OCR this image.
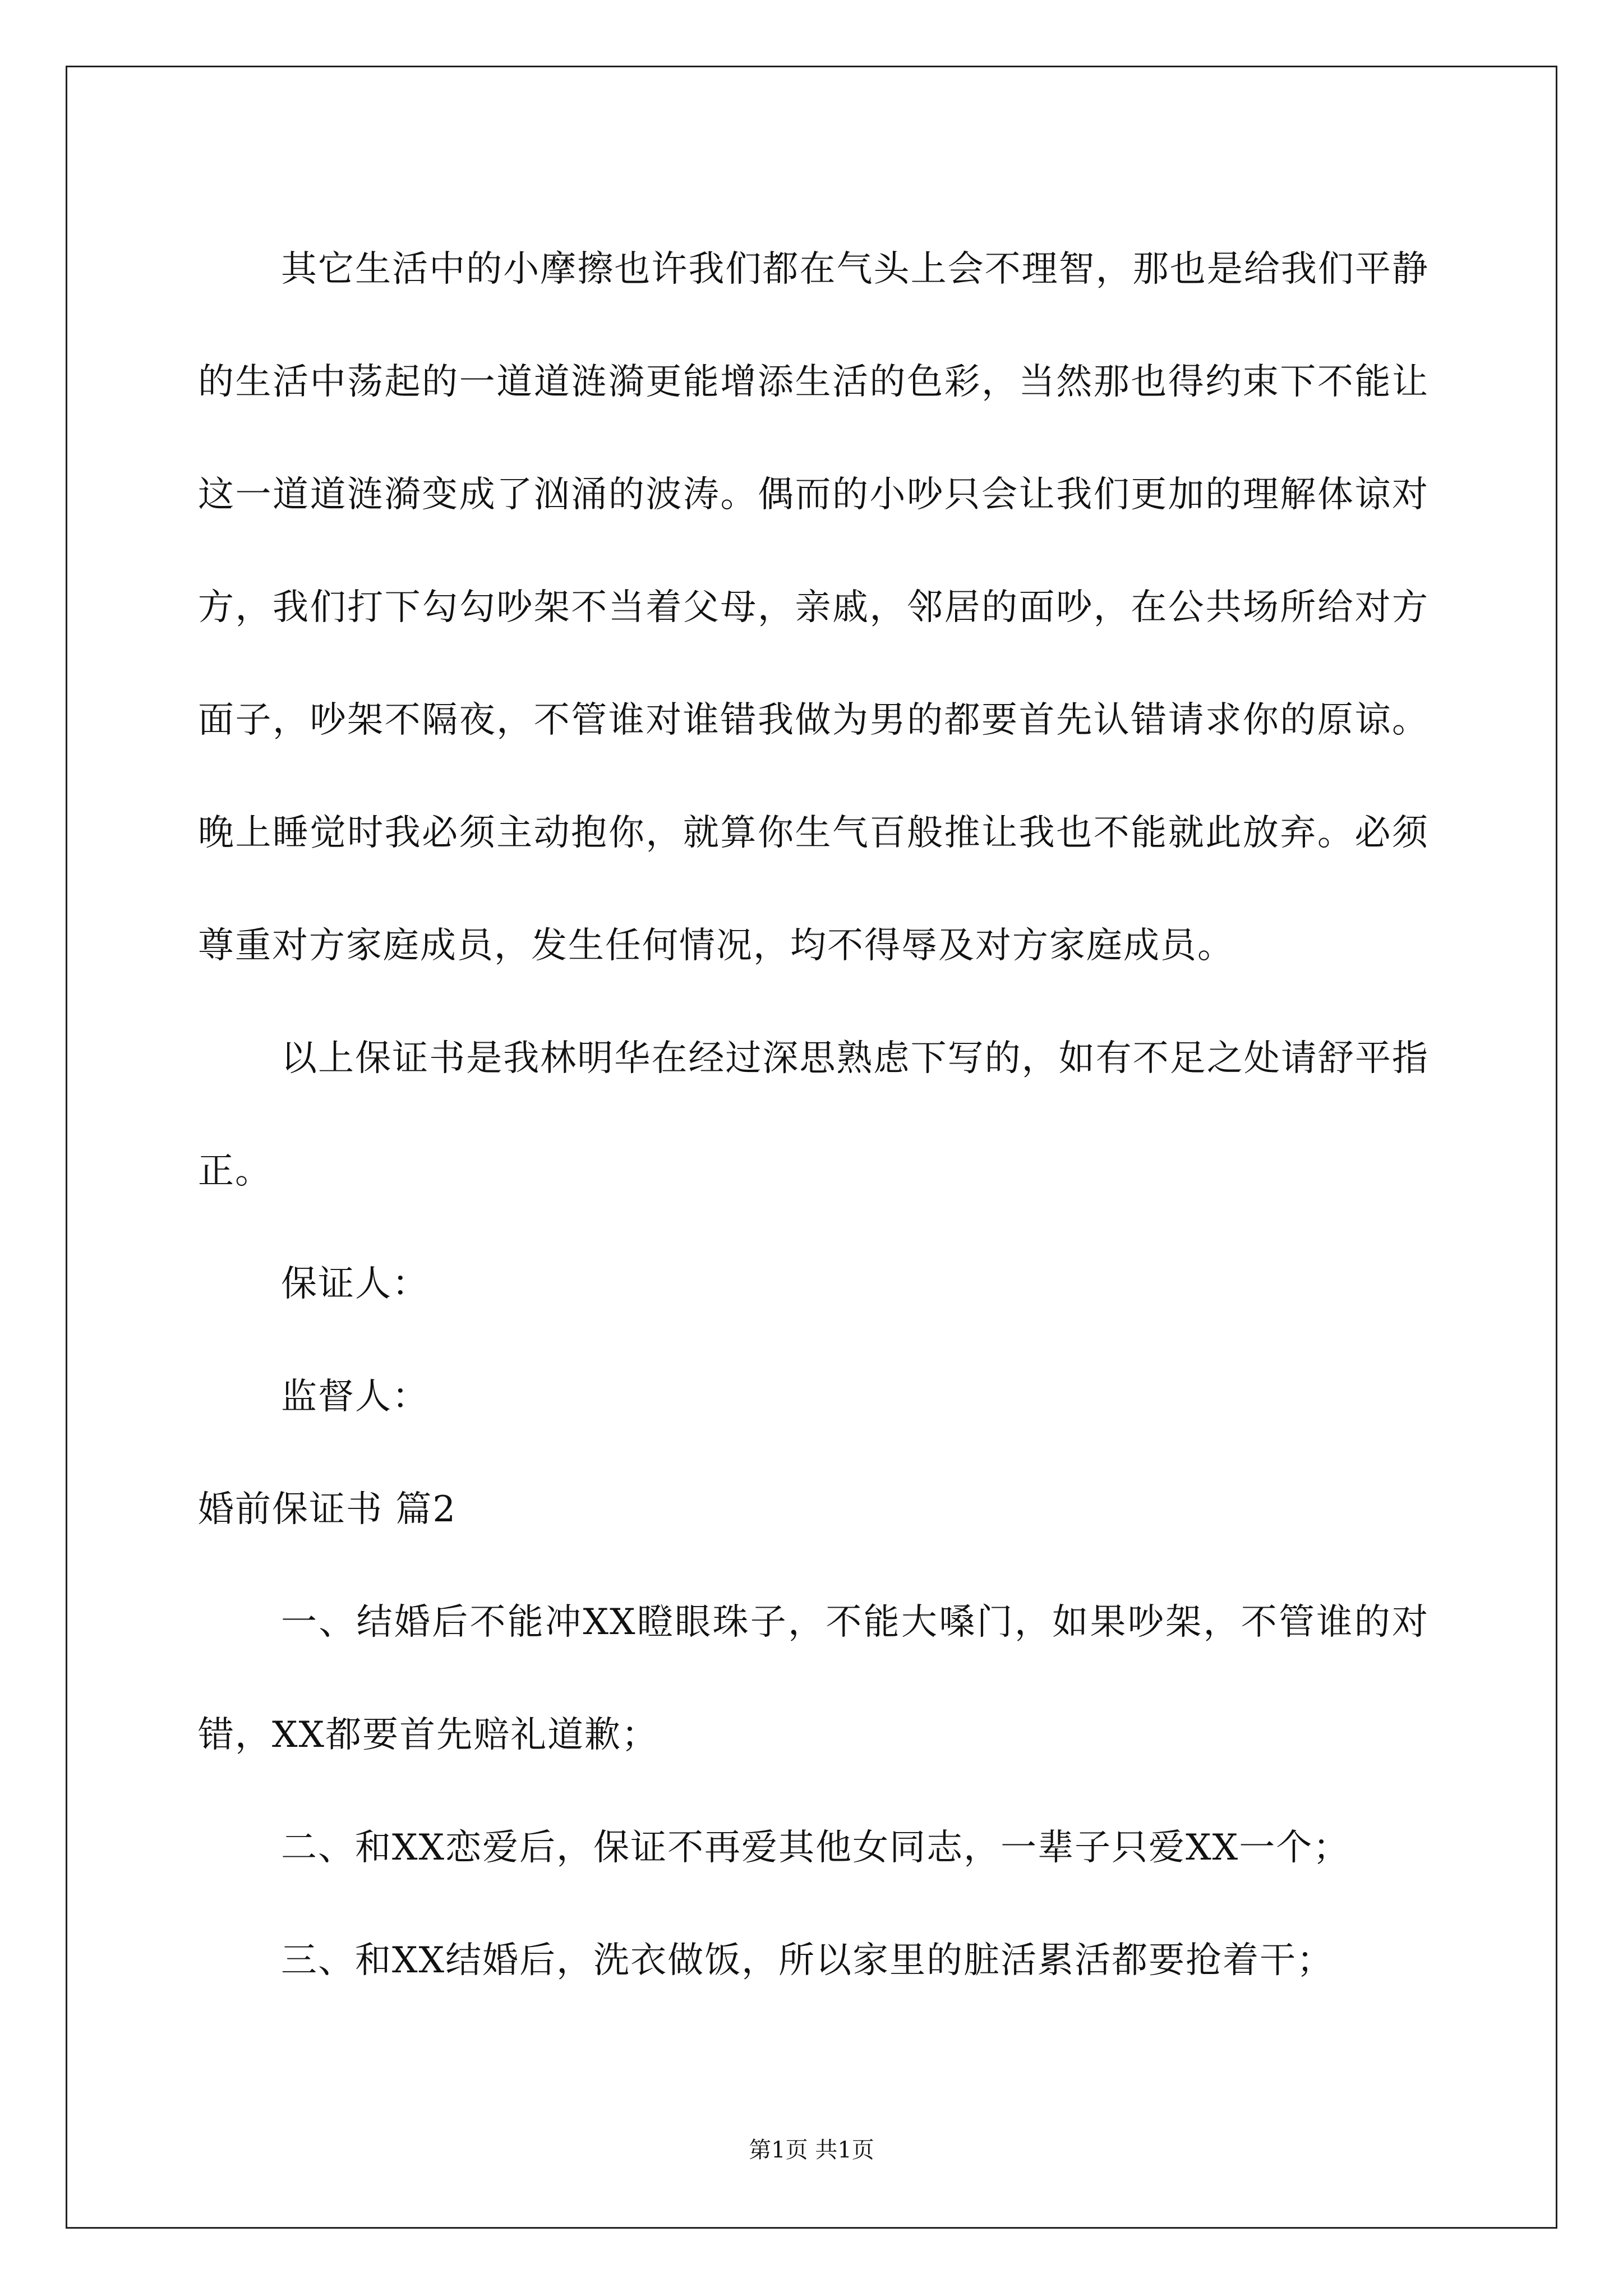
其它生活中的小摩擦也许我们都在气头上会不理智，那也是给我们平静的生活中荡起的一道道涟漪更能增添生活的色彩，当然那也得约束下不能让这一道道涟漪变成了汹涌的波涛。偶而的小吵只会让我们更加的理解体谅对方，我们打下勾勾吵架不当着父母，亲戚，邻居的面吵，在公共场所给对方面子，吵架不隔夜，不管谁对谁错我做为男的都要首先认错请求你的原谅。晚上睡觉时我必须主动抱你，就算你生气百般推让我也不能就此放弃。必须尊重对方家庭成员，发生任何情况，均不得辱及对方家庭成员。

以上保证书是我林明华在经过深思熟虑下写的，如有不足之处请舒平指正。

保证人：

监督人：

婚前保证书 篇2

一、结婚后不能冲XX瞪眼珠子，不能大嗓门，如果吵架，不管谁的对错，XX都要首先赔礼道歉；

二、和XX恋爱后，保证不再爱其他女同志，一辈子只爱XX一个；

三、和XX结婚后，洗衣做饭，所以家里的脏活累活都要抢着干；

第1页 共1页
